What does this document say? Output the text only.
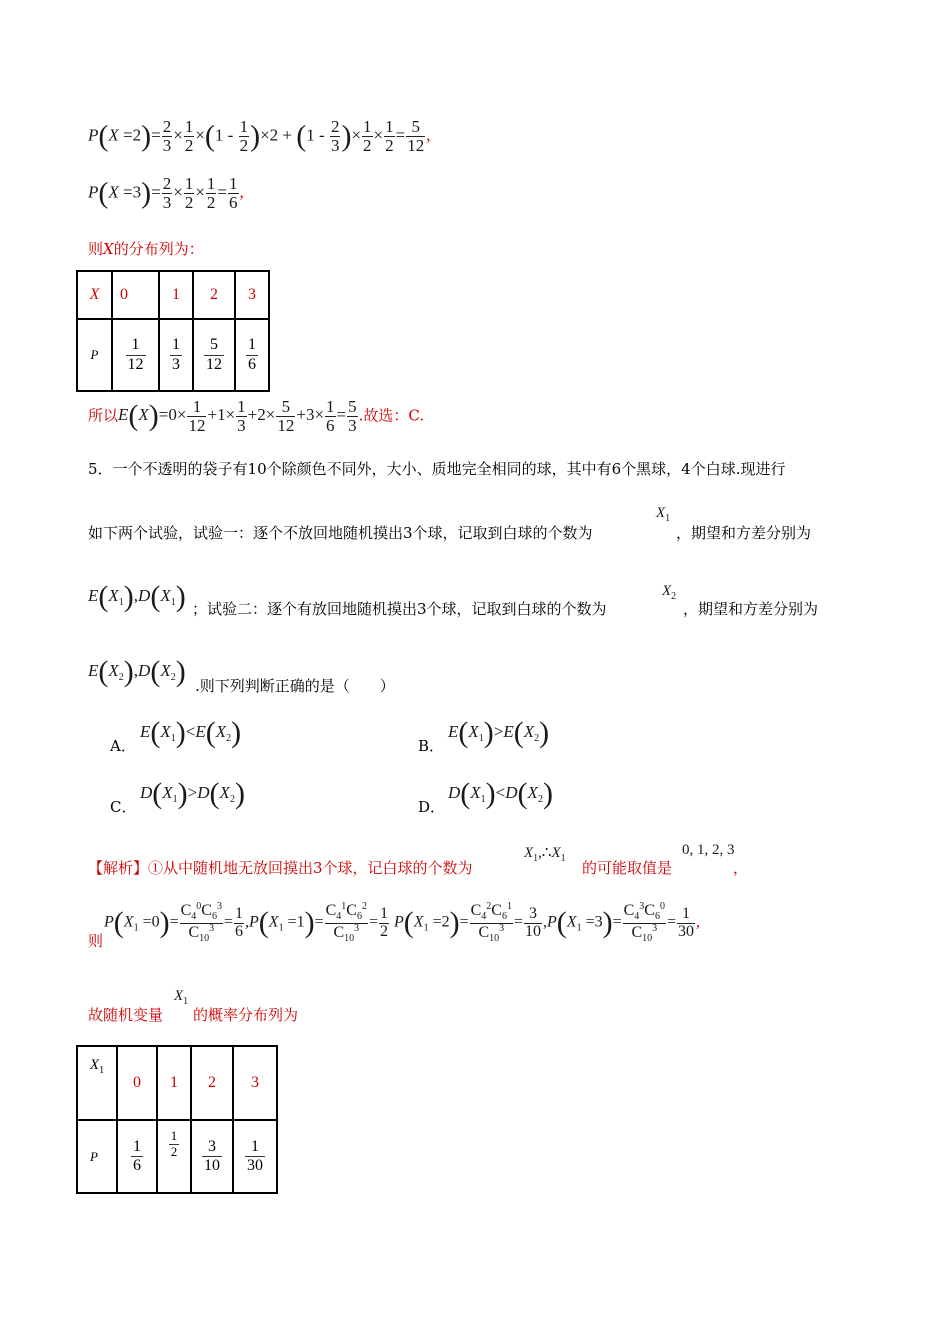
$P(X =2)= \frac{2}{3} \times \frac{1}{2} \times(1 - \frac{1}{2} )\times 2 + (1 - \frac{2}{3}$ )× $\frac{1}{2} \times \frac{1}{2} = \frac{5}{12}$ ,
$P(X =3)= \frac{2}{3} \times \frac{1}{2} \times \frac{1}{2} = \frac{1}{6}$ ,
则X的分布列为：
X	0	1	2	3
P	$\frac{1}{12}$	$\frac{1}{3}$	$\frac{5}{12}$	$\frac{1}{6}$
所以$E(X)=0\times \frac{1}{12} +1\times \frac{1}{3} +2\times \frac{5}{12} +3\times \frac{1}{6} = \frac{5}{3}$ .故选：C.
5．一个不透明的袋子有10个除颜色不同外，大小、质地完全相同的球，其中有6个黑球，4个白球.现进行
如下两个试验，试验一：逐个不放回地随机摸出3个球，记取到白球的个数为
$X_1$
，期望和方差分别为
$E(X_1),D(X_1)$ ；试验二：逐个有放回地随机摸出3个球，记取到白球的个数为
$X_2$
，期望和方差分别为
$E(X_2),D(X_2)$ .则下列判断正确的是（　　）
A．
$E(X_1)<E(X_2)$	B．
$E(X_1)>E(X_2)$
C．
$D(X_1)>D(X_2)$	D．
$D(X_1)<D(X_2)$
【解析】①从中随机地无放回摸出3个球，记白球的个数为
$X_1,\therefore X_1$
的可能取值是
0, 1, 2, 3
，
则
$P(X_1 =0)= \frac{C_4^0C_6^3}{C_{10}^3} = \frac{1}{6} ,P(X_1 =1)= \frac{C_4^1C_6^2}{C_{10}^3} = \frac{1}{2} P(X_1 =2)= \frac{C_4^2C_6^1}{C_{10}^3} = \frac{3}{10} ,P(X_1 =3)= \frac{C_4^3C_6^0}{C_{10}^3} = \frac{1}{30}$ ,
故随机变量
$X_1$
的概率分布列为
$X_1$	0	1	2	3
P	$\frac{1}{6}$	$\frac{1}{2}$	$\frac{3}{10}$	$\frac{1}{30}$
